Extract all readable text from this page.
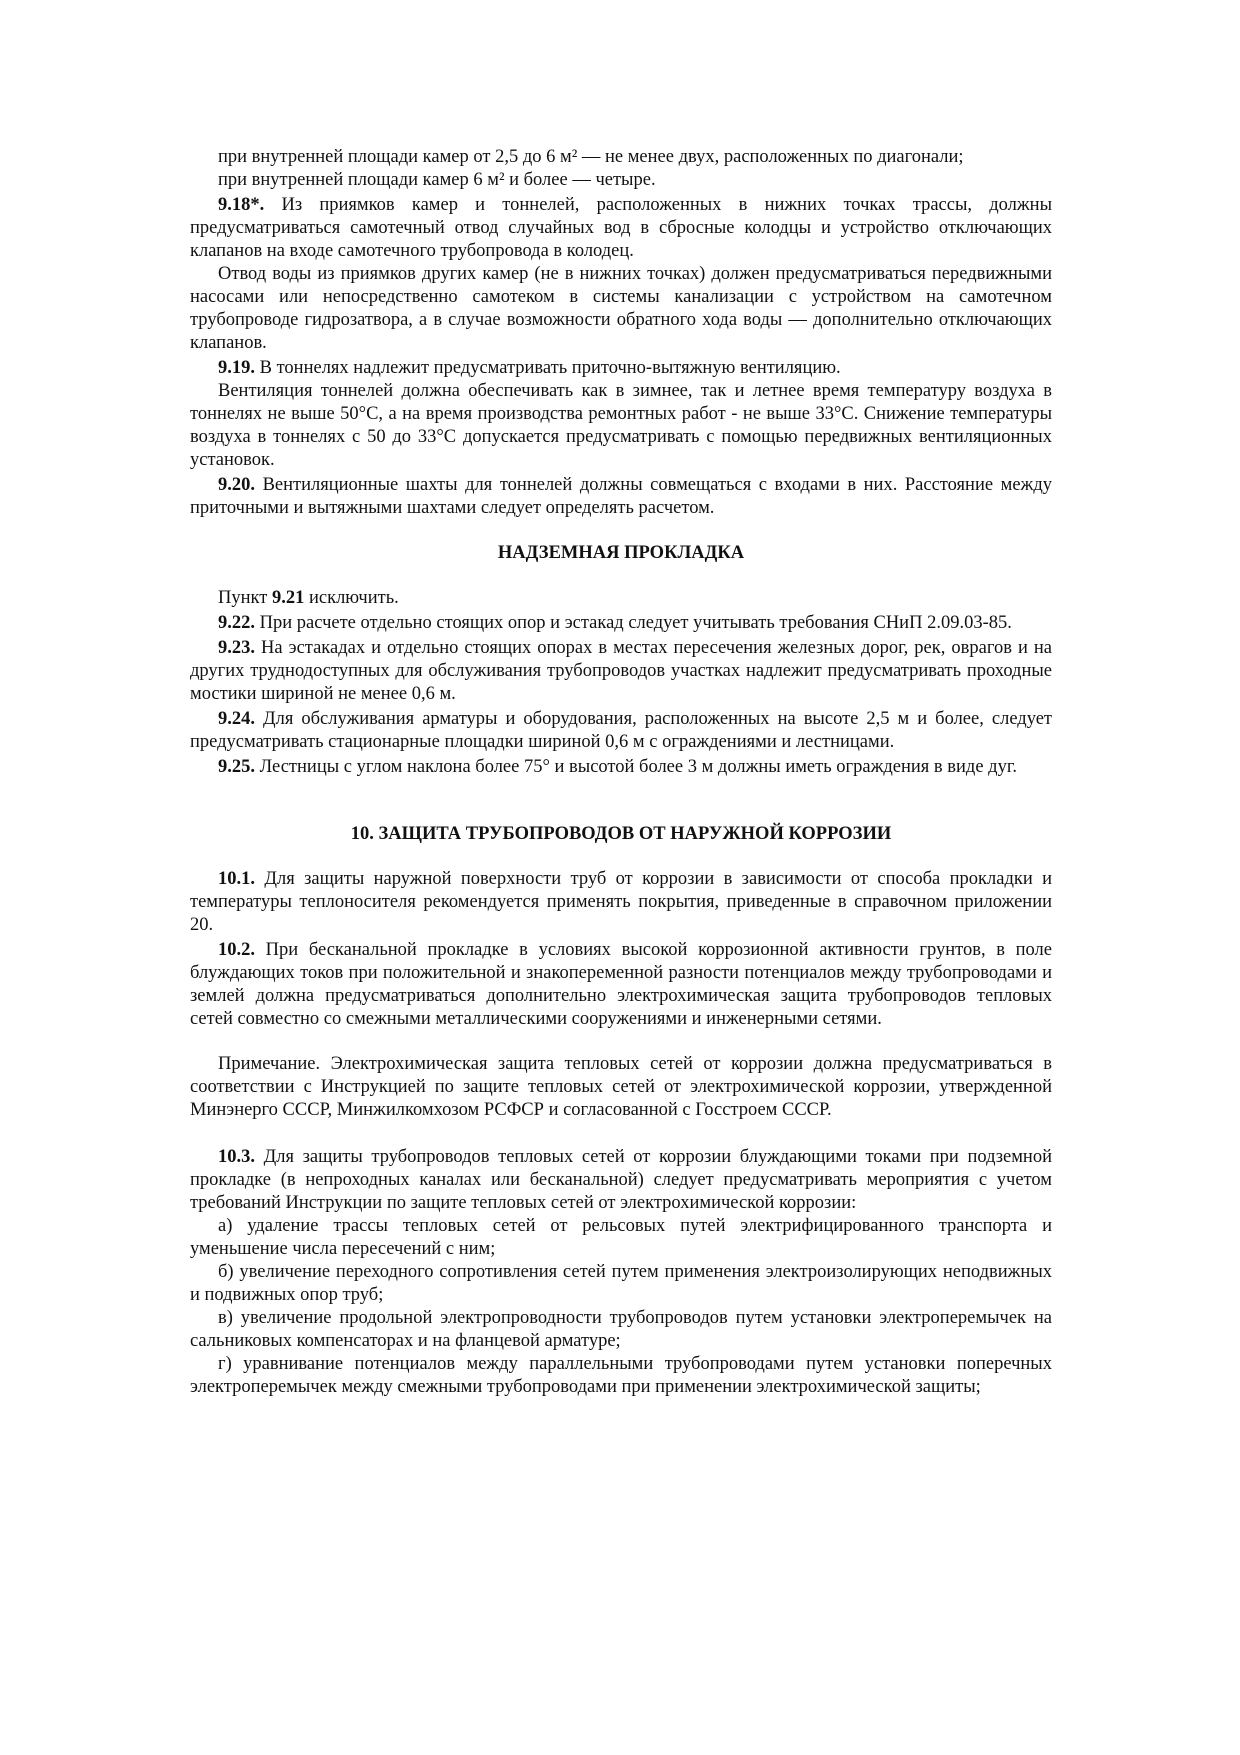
при внутренней площади камер от 2,5 до 6 м² — не менее двух, расположенных по диагонали;

при внутренней площади камер 6 м² и более — четыре.

9.18*. Из приямков камер и тоннелей, расположенных в нижних точках трассы, должны предусматриваться самотечный отвод случайных вод в сбросные колодцы и устройство отключающих клапанов на входе самотечного трубопровода в колодец.

Отвод воды из приямков других камер (не в нижних точках) должен предусматриваться передвижными насосами или непосредственно самотеком в системы канализации с устройством на самотечном трубопроводе гидрозатвора, а в случае возможности обратного хода воды — дополнительно отключающих клапанов.

9.19. В тоннелях надлежит предусматривать приточно-вытяжную вентиляцию.

Вентиляция тоннелей должна обеспечивать как в зимнее, так и летнее время температуру воздуха в тоннелях не выше 50°С, а на время производства ремонтных работ - не выше 33°С. Снижение температуры воздуха в тоннелях с 50 до 33°С допускается предусматривать с помощью передвижных вентиляционных установок.

9.20. Вентиляционные шахты для тоннелей должны совмещаться с входами в них. Расстояние между приточными и вытяжными шахтами следует определять расчетом.

НАДЗЕМНАЯ ПРОКЛАДКА

Пункт 9.21 исключить.

9.22. При расчете отдельно стоящих опор и эстакад следует учитывать требования СНиП 2.09.03-85.

9.23. На эстакадах и отдельно стоящих опорах в местах пересечения железных дорог, рек, оврагов и на других труднодоступных для обслуживания трубопроводов участках надлежит предусматривать проходные мостики шириной не менее 0,6 м.

9.24. Для обслуживания арматуры и оборудования, расположенных на высоте 2,5 м и более, следует предусматривать стационарные площадки шириной 0,6 м с ограждениями и лестницами.

9.25. Лестницы с углом наклона более 75° и высотой более 3 м должны иметь ограждения в виде дуг.

10. ЗАЩИТА ТРУБОПРОВОДОВ ОТ НАРУЖНОЙ КОРРОЗИИ

10.1. Для защиты наружной поверхности труб от коррозии в зависимости от способа прокладки и температуры теплоносителя рекомендуется применять покрытия, приведенные в справочном приложении 20.

10.2. При бесканальной прокладке в условиях высокой коррозионной активности грунтов, в поле блуждающих токов при положительной и знакопеременной разности потенциалов между трубопроводами и землей должна предусматриваться дополнительно электрохимическая защита трубопроводов тепловых сетей совместно со смежными металлическими сооружениями и инженерными сетями.

Примечание. Электрохимическая защита тепловых сетей от коррозии должна предусматриваться в соответствии с Инструкцией по защите тепловых сетей от электрохимической коррозии, утвержденной Минэнерго СССР, Минжилкомхозом РСФСР и согласованной с Госстроем СССР.

10.3. Для защиты трубопроводов тепловых сетей от коррозии блуждающими токами при подземной прокладке (в непроходных каналах или бесканальной) следует предусматривать мероприятия с учетом требований Инструкции по защите тепловых сетей от электрохимической коррозии:

а) удаление трассы тепловых сетей от рельсовых путей электрифицированного транспорта и уменьшение числа пересечений с ним;

б) увеличение переходного сопротивления сетей путем применения электроизолирующих неподвижных и подвижных опор труб;

в) увеличение продольной электропроводности трубопроводов путем установки электроперемычек на сальниковых компенсаторах и на фланцевой арматуре;

г) уравнивание потенциалов между параллельными трубопроводами путем установки поперечных электроперемычек между смежными трубопроводами при применении электрохимической защиты;
